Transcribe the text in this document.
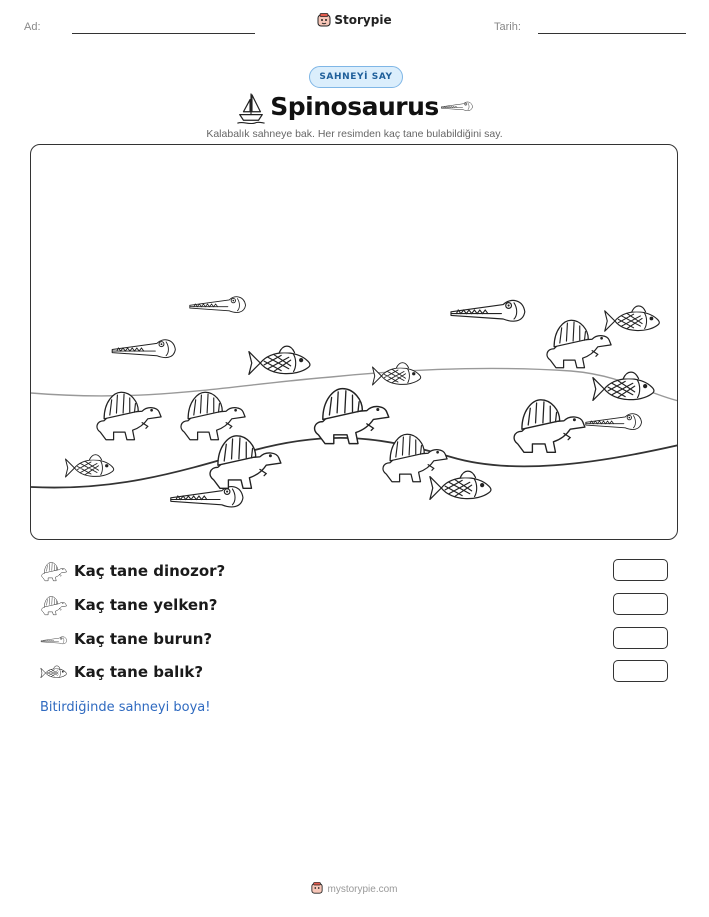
Ad:	Storypie	Tarih:
SAHNEYİ SAY
Spinosaurus
Kalabalık sahneye bak. Her resimden kaç tane bulabildiğini say.
Kaç tane dinozor?
Kaç tane yelken?
Kaç tane burun?
Kaç tane balık?
Bitirdiğinde sahneyi boya!
mystorypie.com
